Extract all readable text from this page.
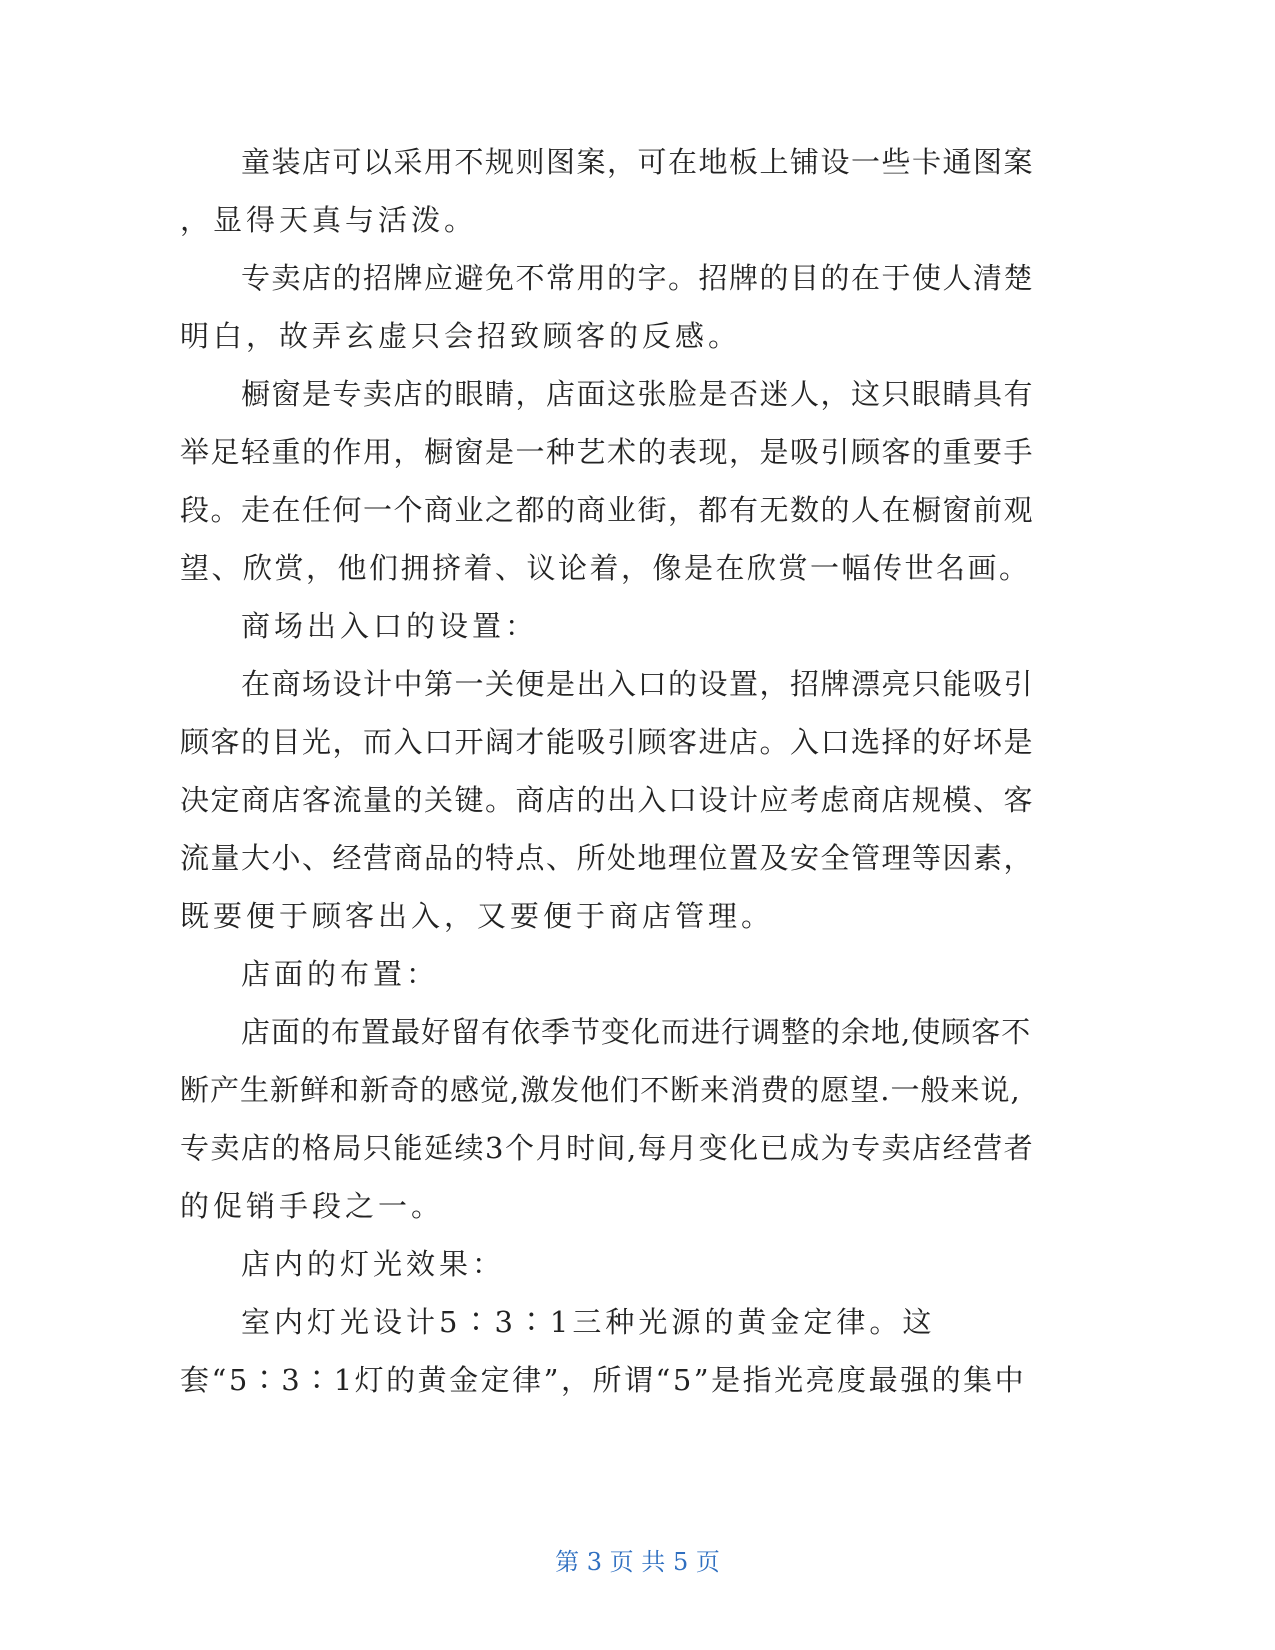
童装店可以采用不规则图案，可在地板上铺设一些卡通图案

，显得天真与活泼。

专卖店的招牌应避免不常用的字。招牌的目的在于使人清楚

明白，故弄玄虚只会招致顾客的反感。

橱窗是专卖店的眼睛，店面这张脸是否迷人，这只眼睛具有

举足轻重的作用，橱窗是一种艺术的表现，是吸引顾客的重要手

段。走在任何一个商业之都的商业街，都有无数的人在橱窗前观

望、欣赏，他们拥挤着、议论着，像是在欣赏一幅传世名画。

商场出入口的设置：

在商场设计中第一关便是出入口的设置，招牌漂亮只能吸引

顾客的目光，而入口开阔才能吸引顾客进店。入口选择的好坏是

决定商店客流量的关键。商店的出入口设计应考虑商店规模、客

流量大小、经营商品的特点、所处地理位置及安全管理等因素，

既要便于顾客出入，又要便于商店管理。

店面的布置：

店面的布置最好留有依季节变化而进行调整的余地,使顾客不

断产生新鲜和新奇的感觉,激发他们不断来消费的愿望.一般来说,

专卖店的格局只能延续3个月时间,每月变化已成为专卖店经营者

的促销手段之一。

店内的灯光效果：

室内灯光设计5∶3∶1三种光源的黄金定律。这

套“5∶3∶1灯的黄金定律”，所谓“5”是指光亮度最强的集中

第 3 页 共 5 页
